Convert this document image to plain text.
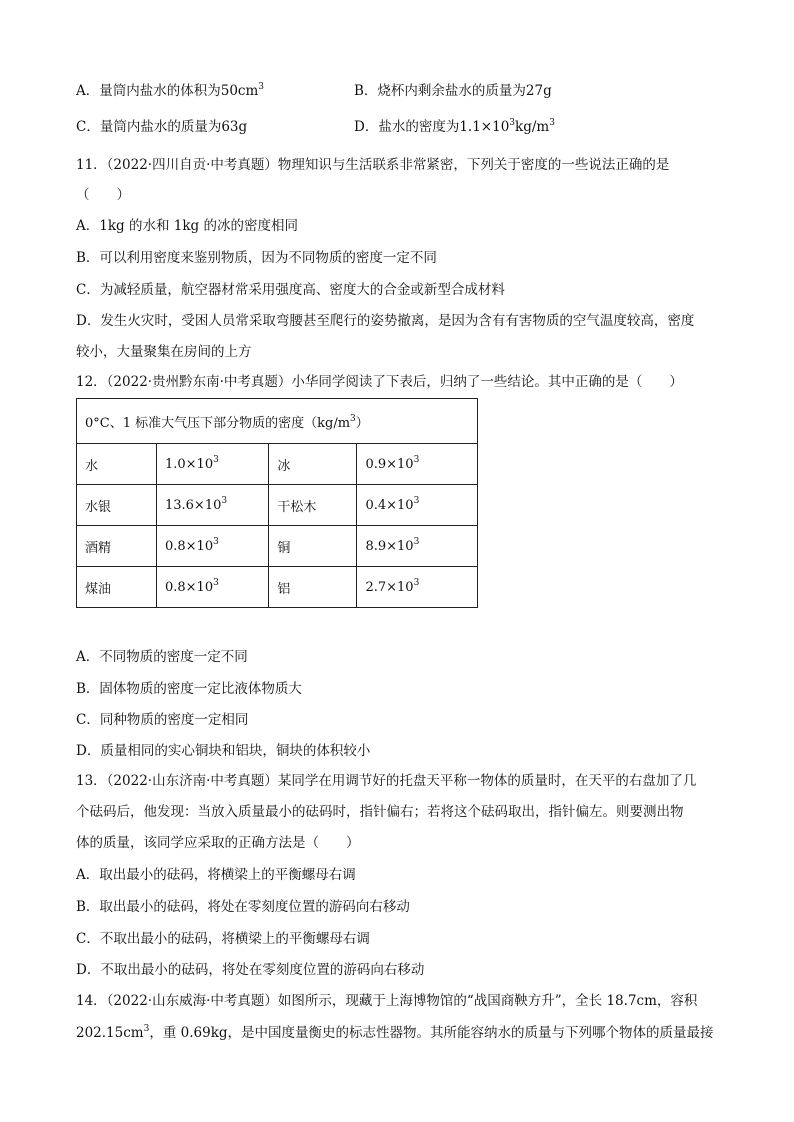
A．量筒内盐水的体积为$50cm^3$	B．烧杯内剩余盐水的质量为27g
C．量筒内盐水的质量为63g	D．盐水的密度为$1.1\times 10^3kg/m^3$
11．（2022·四川自贡·中考真题）物理知识与生活联系非常紧密，下列关于密度的一些说法正确的是
（　　）
A．1kg 的水和 1kg 的冰的密度相同
B．可以利用密度来鉴别物质，因为不同物质的密度一定不同
C．为减轻质量，航空器材常采用强度高、密度大的合金或新型合成材料
D．发生火灾时，受困人员常采取弯腰甚至爬行的姿势撤离，是因为含有有害物质的空气温度较高，密度
较小，大量聚集在房间的上方
12．（2022·贵州黔东南·中考真题）小华同学阅读了下表后，归纳了一些结论。其中正确的是（　　）
0°C、1 标准大气压下部分物质的密度$(kg/m^3)$			
水	$1.0\times 10^3$	冰	$0.9\times 10^3$
水银	$13.6\times 10^3$	干松木	$0.4\times 10^3$
酒精	$0.8\times 10^3$	铜	$8.9\times 10^3$
煤油	$0.8\times 10^3$	铝	$2.7\times 10^3$
A．不同物质的密度一定不同
B．固体物质的密度一定比液体物质大
C．同种物质的密度一定相同
D．质量相同的实心铜块和铝块，铜块的体积较小
13．（2022·山东济南·中考真题）某同学在用调节好的托盘天平称一物体的质量时，在天平的右盘加了几
个砝码后，他发现：当放入质量最小的砝码时，指针偏右；若将这个砝码取出，指针偏左。则要测出物
体的质量，该同学应采取的正确方法是（　　）
A．取出最小的砝码，将横梁上的平衡螺母右调
B．取出最小的砝码，将处在零刻度位置的游码向右移动
C．不取出最小的砝码，将横梁上的平衡螺母右调
D．不取出最小的砝码，将处在零刻度位置的游码向右移动
14．（2022·山东威海·中考真题）如图所示，现藏于上海博物馆的“战国商鞅方升”，全长 18.7cm，容积
$202.15cm^3$，重 0.69kg，是中国度量衡史的标志性器物。其所能容纳水的质量与下列哪个物体的质量最接
